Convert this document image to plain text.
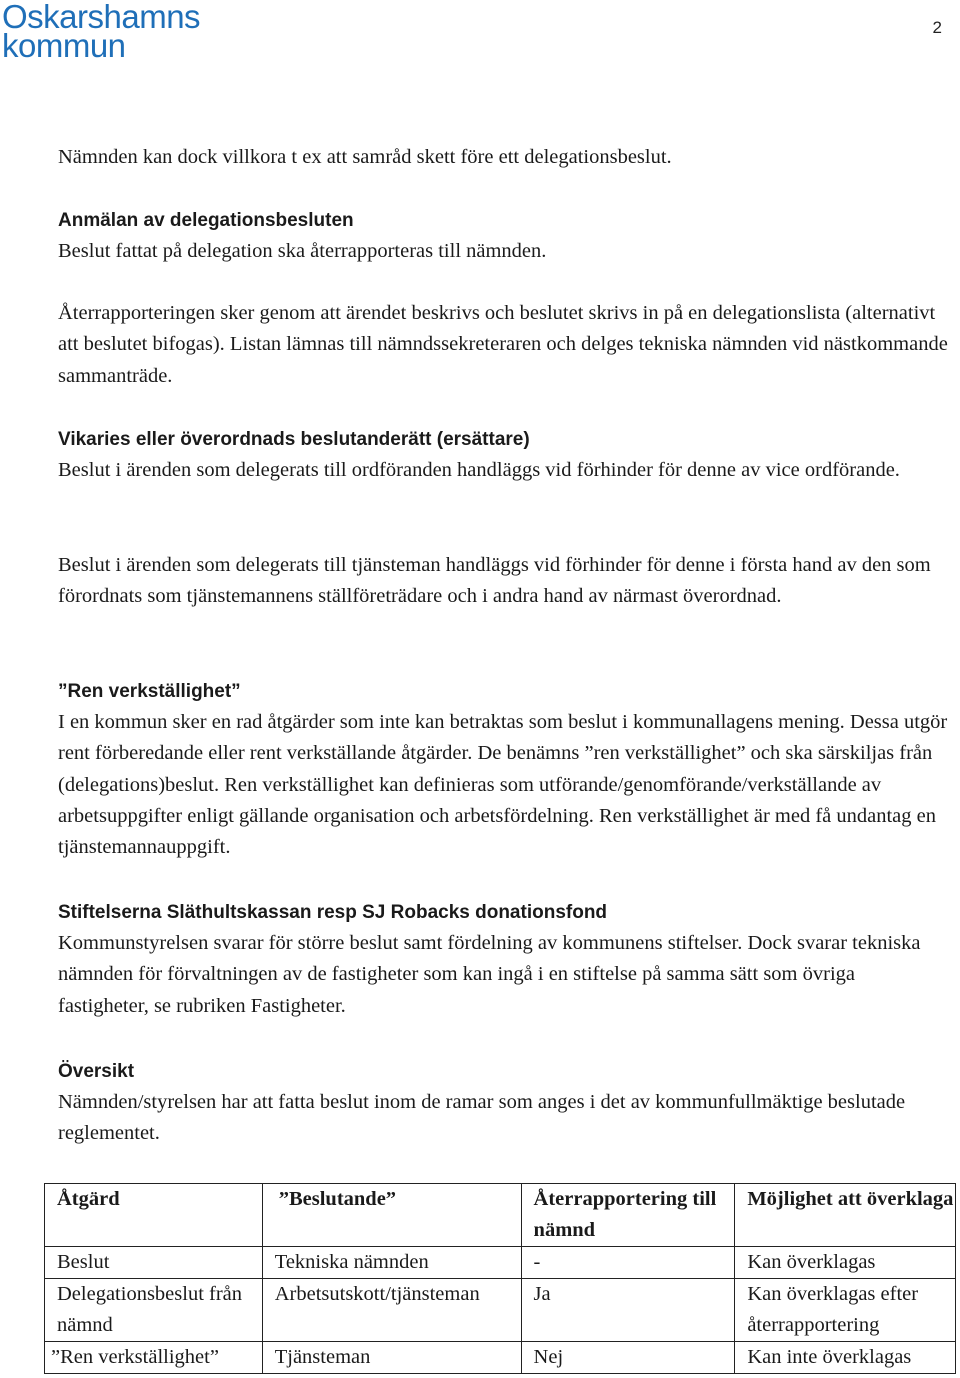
Oskarshamns
kommun	2

Nämnden kan dock villkora t ex att samråd skett före ett delegationsbeslut.

Anmälan av delegationsbesluten

Beslut fattat på delegation ska återrapporteras till nämnden.

Återrapporteringen sker genom att ärendet beskrivs och beslutet skrivs in på en delegationslista (alternativt att beslutet bifogas). Listan lämnas till nämndssekreteraren och delges tekniska nämnden vid nästkommande sammanträde.

Vikaries eller överordnads beslutanderätt (ersättare)

Beslut i ärenden som delegerats till ordföranden handläggs vid förhinder för denne av vice ordförande.

Beslut i ärenden som delegerats till tjänsteman handläggs vid förhinder för denne i första hand av den som förordnats som tjänstemannens ställföreträdare och i andra hand av närmast överordnad.

”Ren verkställighet”

I en kommun sker en rad åtgärder som inte kan betraktas som beslut i kommunallagens mening. Dessa utgör rent förberedande eller rent verkställande åtgärder. De benämns ”ren verkställighet” och ska särskiljas från (delegations)beslut. Ren verkställighet kan definieras som utförande/genomförande/verkställande av arbetsuppgifter enligt gällande organisation och arbetsfördelning. Ren verkställighet är med få undantag en tjänstemannauppgift.

Stiftelserna Släthultskassan resp SJ Robacks donationsfond

Kommunstyrelsen svarar för större beslut samt fördelning av kommunens stiftelser. Dock svarar tekniska nämnden för förvaltningen av de fastigheter som kan ingå i en stiftelse på samma sätt som övriga fastigheter, se rubriken Fastigheter.

Översikt

Nämnden/styrelsen har att fatta beslut inom de ramar som anges i det av kommunfullmäktige beslutade reglementet.

Åtgärd	”Beslutande”	Återrapportering till nämnd	Möjlighet att överklaga
Beslut	Tekniska nämnden	-	Kan överklagas
Delegationsbeslut från nämnd	Arbetsutskott/tjänsteman	Ja	Kan överklagas efter återrapportering
”Ren verkställighet”	Tjänsteman	Nej	Kan inte överklagas
